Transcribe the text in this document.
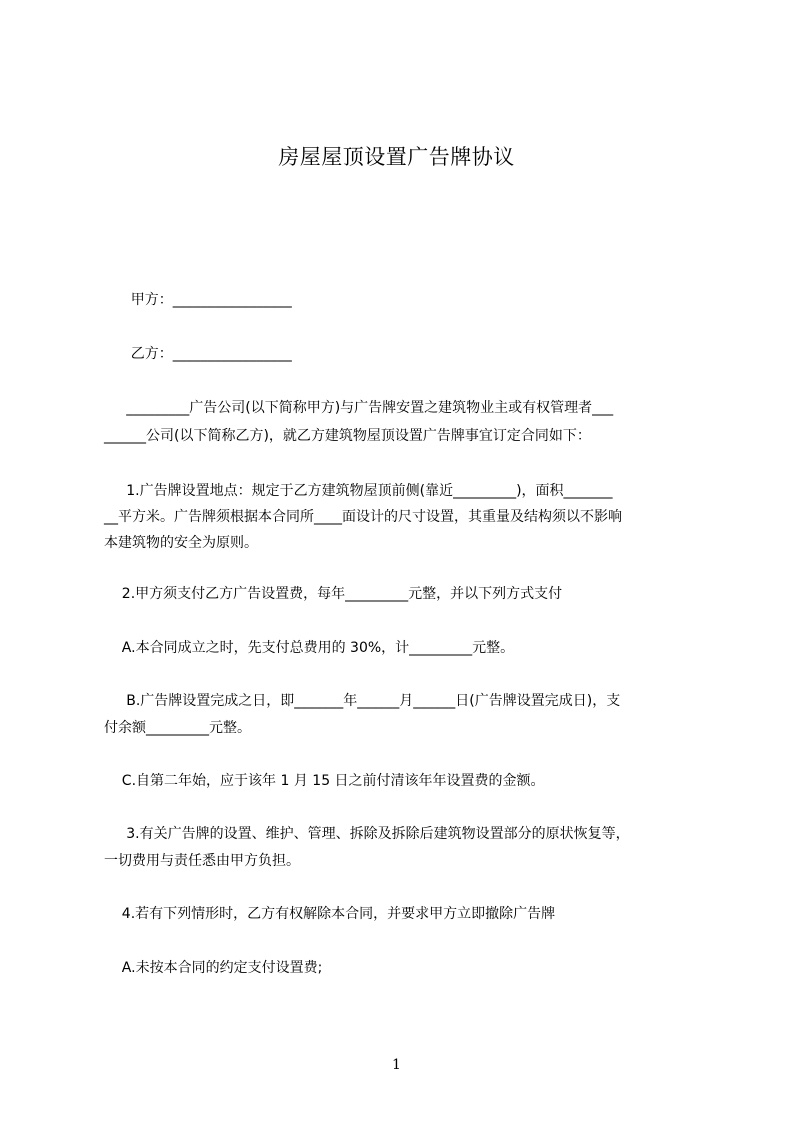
房屋屋顶设置广告牌协议
甲方：_________________
乙方：_________________
_________广告公司(以下简称甲方)与广告牌安置之建筑物业主或有权管理者___
______公司(以下简称乙方)，就乙方建筑物屋顶设置广告牌事宜订定合同如下：
1.广告牌设置地点：规定于乙方建筑物屋顶前侧(靠近_________)，面积_______
__平方米。广告牌须根据本合同所____面设计的尺寸设置，其重量及结构须以不影响
本建筑物的安全为原则。
2.甲方须支付乙方广告设置费，每年_________元整，并以下列方式支付
A.本合同成立之时，先支付总费用的 30%，计_________元整。
B.广告牌设置完成之日，即_______年______月______日(广告牌设置完成日)，支
付余额_________元整。
C.自第二年始，应于该年 1 月 15 日之前付清该年年设置费的金额。
3.有关广告牌的设置、维护、管理、拆除及拆除后建筑物设置部分的原状恢复等，
一切费用与责任悉由甲方负担。
4.若有下列情形时，乙方有权解除本合同，并要求甲方立即撤除广告牌
A.未按本合同的约定支付设置费;
1
